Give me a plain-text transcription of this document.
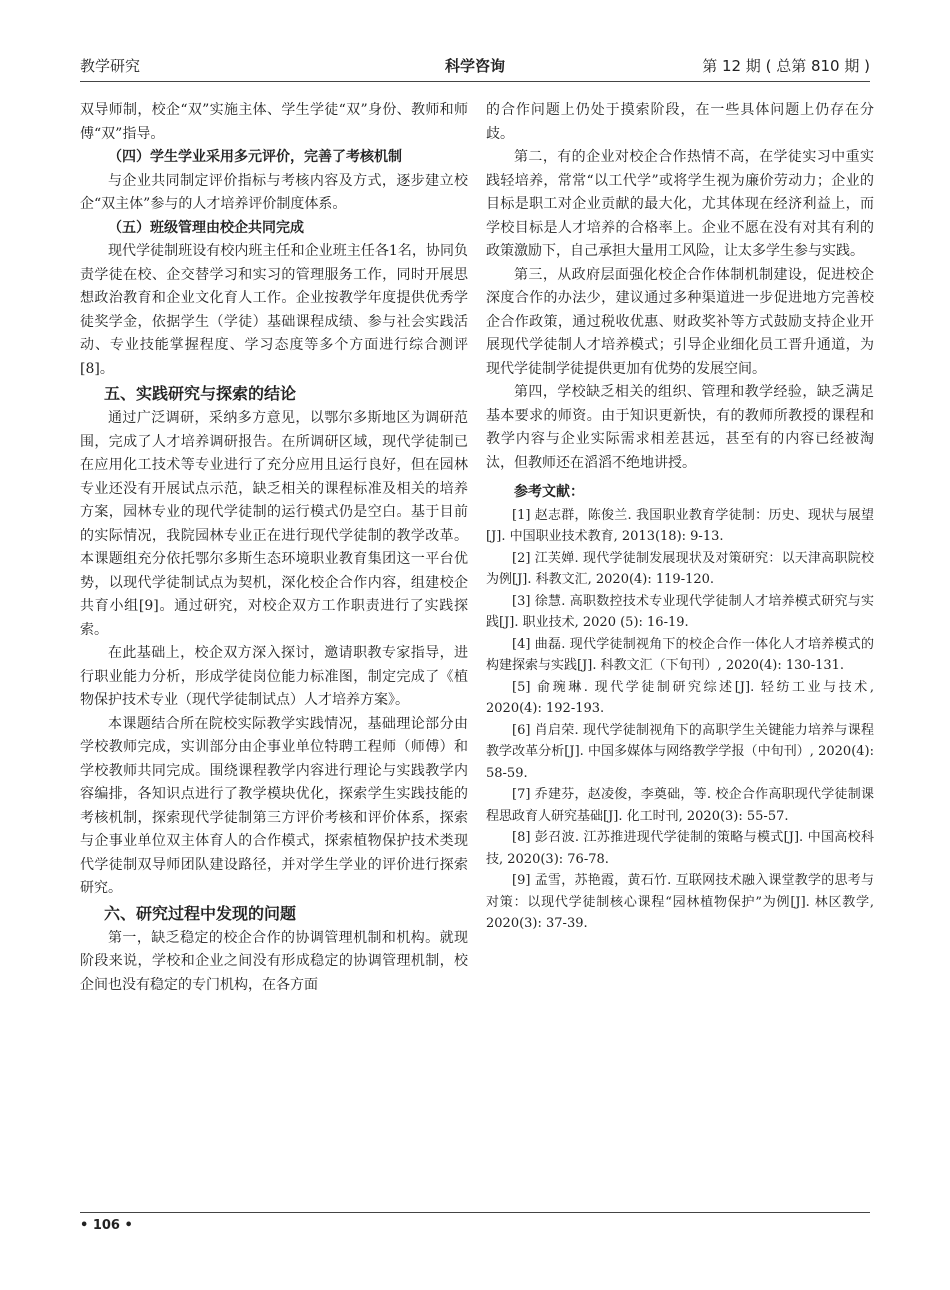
教学研究	科学咨询	第 12 期 ( 总第 810 期 )

双导师制，校企“双”实施主体、学生学徒“双”身份、教师和师傅“双”指导。

（四）学生学业采用多元评价，完善了考核机制

与企业共同制定评价指标与考核内容及方式，逐步建立校企“双主体”参与的人才培养评价制度体系。

（五）班级管理由校企共同完成

现代学徒制班设有校内班主任和企业班主任各1名，协同负责学徒在校、企交替学习和实习的管理服务工作，同时开展思想政治教育和企业文化育人工作。企业按教学年度提供优秀学徒奖学金，依据学生（学徒）基础课程成绩、参与社会实践活动、专业技能掌握程度、学习态度等多个方面进行综合测评[8]。

五、实践研究与探索的结论

通过广泛调研，采纳多方意见，以鄂尔多斯地区为调研范围，完成了人才培养调研报告。在所调研区域，现代学徒制已在应用化工技术等专业进行了充分应用且运行良好，但在园林专业还没有开展试点示范，缺乏相关的课程标准及相关的培养方案，园林专业的现代学徒制的运行模式仍是空白。基于目前的实际情况，我院园林专业正在进行现代学徒制的教学改革。本课题组充分依托鄂尔多斯生态环境职业教育集团这一平台优势，以现代学徒制试点为契机，深化校企合作内容，组建校企共育小组[9]。通过研究，对校企双方工作职责进行了实践探索。

在此基础上，校企双方深入探讨，邀请职教专家指导，进行职业能力分析，形成学徒岗位能力标准图，制定完成了《植物保护技术专业（现代学徒制试点）人才培养方案》。

本课题结合所在院校实际教学实践情况，基础理论部分由学校教师完成，实训部分由企事业单位特聘工程师（师傅）和学校教师共同完成。围绕课程教学内容进行理论与实践教学内容编排，各知识点进行了教学模块优化，探索学生实践技能的考核机制，探索现代学徒制第三方评价考核和评价体系，探索与企事业单位双主体育人的合作模式，探索植物保护技术类现代学徒制双导师团队建设路径，并对学生学业的评价进行探索研究。

六、研究过程中发现的问题

第一，缺乏稳定的校企合作的协调管理机制和机构。就现阶段来说，学校和企业之间没有形成稳定的协调管理机制，校企间也没有稳定的专门机构，在各方面

的合作问题上仍处于摸索阶段，在一些具体问题上仍存在分歧。

第二，有的企业对校企合作热情不高，在学徒实习中重实践轻培养，常常“以工代学”或将学生视为廉价劳动力；企业的目标是职工对企业贡献的最大化，尤其体现在经济利益上，而学校目标是人才培养的合格率上。企业不愿在没有对其有利的政策激励下，自己承担大量用工风险，让太多学生参与实践。

第三，从政府层面强化校企合作体制机制建设，促进校企深度合作的办法少，建议通过多种渠道进一步促进地方完善校企合作政策，通过税收优惠、财政奖补等方式鼓励支持企业开展现代学徒制人才培养模式；引导企业细化员工晋升通道，为现代学徒制学徒提供更加有优势的发展空间。

第四，学校缺乏相关的组织、管理和教学经验，缺乏满足基本要求的师资。由于知识更新快，有的教师所教授的课程和教学内容与企业实际需求相差甚远，甚至有的内容已经被淘汰，但教师还在滔滔不绝地讲授。

参考文献：

[1] 赵志群，陈俊兰. 我国职业教育学徒制：历史、现状与展望[J]. 中国职业技术教育, 2013(18): 9-13.

[2] 江芙婵. 现代学徒制发展现状及对策研究：以天津高职院校为例[J]. 科教文汇, 2020(4): 119-120.

[3] 徐慧. 高职数控技术专业现代学徒制人才培养模式研究与实践[J]. 职业技术, 2020 (5): 16-19.

[4] 曲磊. 现代学徒制视角下的校企合作一体化人才培养模式的构建探索与实践[J]. 科教文汇（下旬刊）, 2020(4): 130-131.

[5] 俞琬琳. 现代学徒制研究综述[J]. 轻纺工业与技术, 2020(4): 192-193.

[6] 肖启荣. 现代学徒制视角下的高职学生关键能力培养与课程教学改革分析[J]. 中国多媒体与网络教学学报（中旬刊）, 2020(4): 58-59.

[7] 乔建芬，赵凌俊，李奠础，等. 校企合作高职现代学徒制课程思政育人研究基础[J]. 化工时刊, 2020(3): 55-57.

[8] 彭召波. 江苏推进现代学徒制的策略与模式[J]. 中国高校科技, 2020(3): 76-78.

[9] 孟雪，苏艳霞，黄石竹. 互联网技术融入课堂教学的思考与对策：以现代学徒制核心课程“园林植物保护”为例[J]. 林区教学, 2020(3): 37-39.

• 106 •
